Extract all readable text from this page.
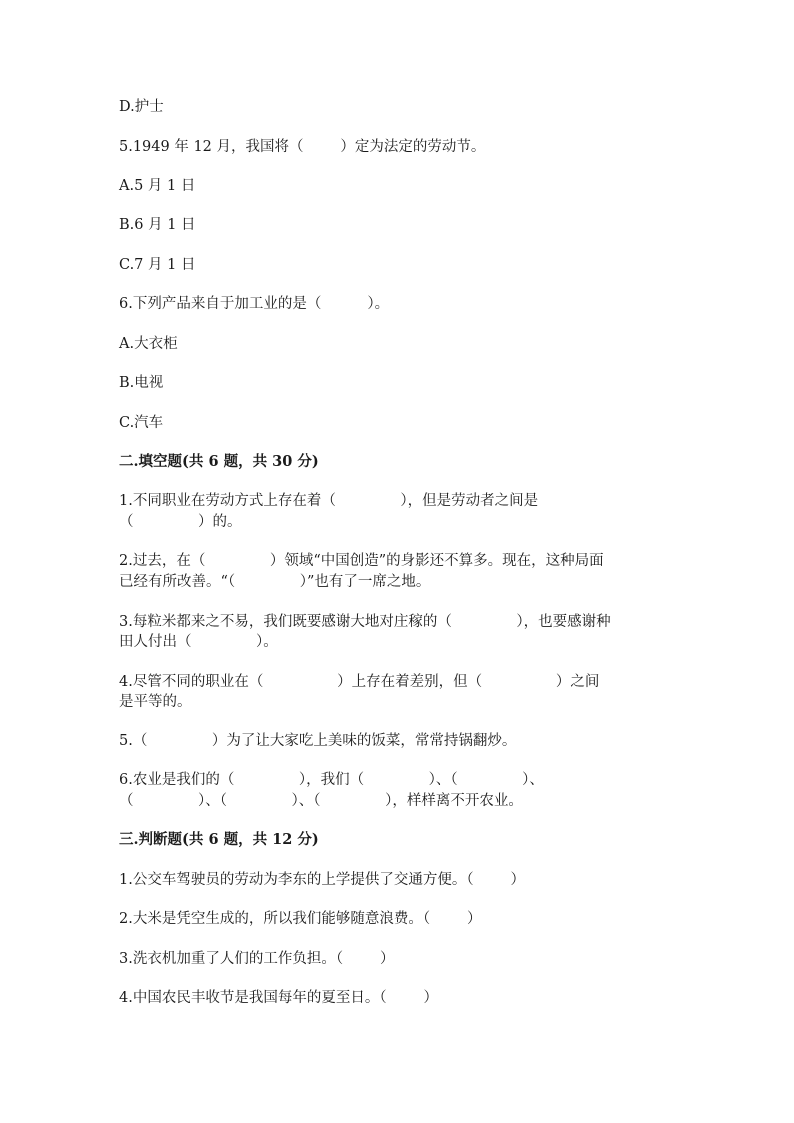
D.护士
5.1949 年 12 月，我国将（        ）定为法定的劳动节。
A.5 月 1 日
B.6 月 1 日
C.7 月 1 日
6.下列产品来自于加工业的是（          ）。
A.大衣柜
B.电视
C.汽车
二.填空题(共 6 题，共 30 分)
1.不同职业在劳动方式上存在着（              ），但是劳动者之间是
（              ）的。
2.过去，在（              ）领域“中国创造”的身影还不算多。现在，这种局面
已经有所改善。“（              ）”也有了一席之地。
3.每粒米都来之不易，我们既要感谢大地对庄稼的（              ），也要感谢种
田人付出（              ）。
4.尽管不同的职业在（                ）上存在着差别，但（                ）之间
是平等的。
5.（              ）为了让大家吃上美味的饭菜，常常持锅翻炒。
6.农业是我们的（              ），我们（              ）、（              ）、
（              ）、（              ）、（              ），样样离不开农业。
三.判断题(共 6 题，共 12 分)
1.公交车驾驶员的劳动为李东的上学提供了交通方便。（        ）
2.大米是凭空生成的，所以我们能够随意浪费。（        ）
3.洗衣机加重了人们的工作负担。（        ）
4.中国农民丰收节是我国每年的夏至日。（        ）
